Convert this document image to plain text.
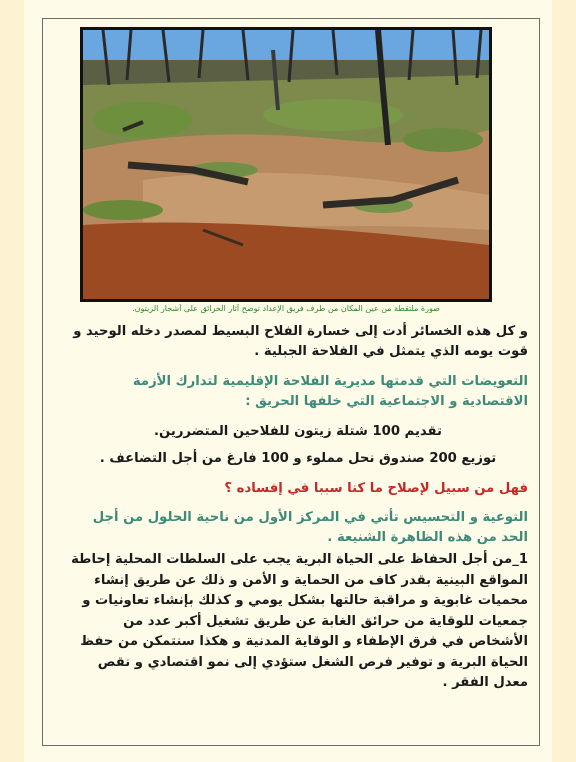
صورة ملتقطة من عين المكان من طرف فريق الإعداد توضح آثار الحرائق على أشجار الزيتون.
و كل هذه الخسائر أدت إلى خسارة الفلاح البسيط لمصدر دخله الوحيد و قوت يومه الذي يتمثل في الفلاحة الجبلية .
التعويضات التي قدمتها مديرية الفلاحة الإقليمية لتدارك الأزمة الاقتصادية و الاجتماعية التي خلفها الحريق :
تقديم 100 شتلة زيتون للفلاحين المتضررين.
توزيع 200 صندوق نحل مملوء و 100 فارغ من أجل التضاعف .
فهل من سبيل لإصلاح ما كنا سببا في إفساده ؟
التوعية و التحسيس تأتي في المركز الأول من ناحية الحلول من أجل الحد من هذه الظاهرة الشنيعة .
1_من أجل الحفاظ على الحياة البرية يجب على السلطات المحلية إحاطة المواقع البينية بقدر كاف من الحماية و الأمن و ذلك عن طريق إنشاء محميات غابوية و مراقبة حالتها بشكل يومي و كذلك بإنشاء تعاونيات و جمعيات للوقاية من حرائق الغابة عن طريق تشغيل أكبر عدد من الأشخاص في فرق الإطفاء و الوقاية المدنية و هكذا سنتمكن من حفظ الحياة البرية و توفير فرص الشغل ستؤدي إلى نمو اقتصادي و نقص معدل الفقر .
